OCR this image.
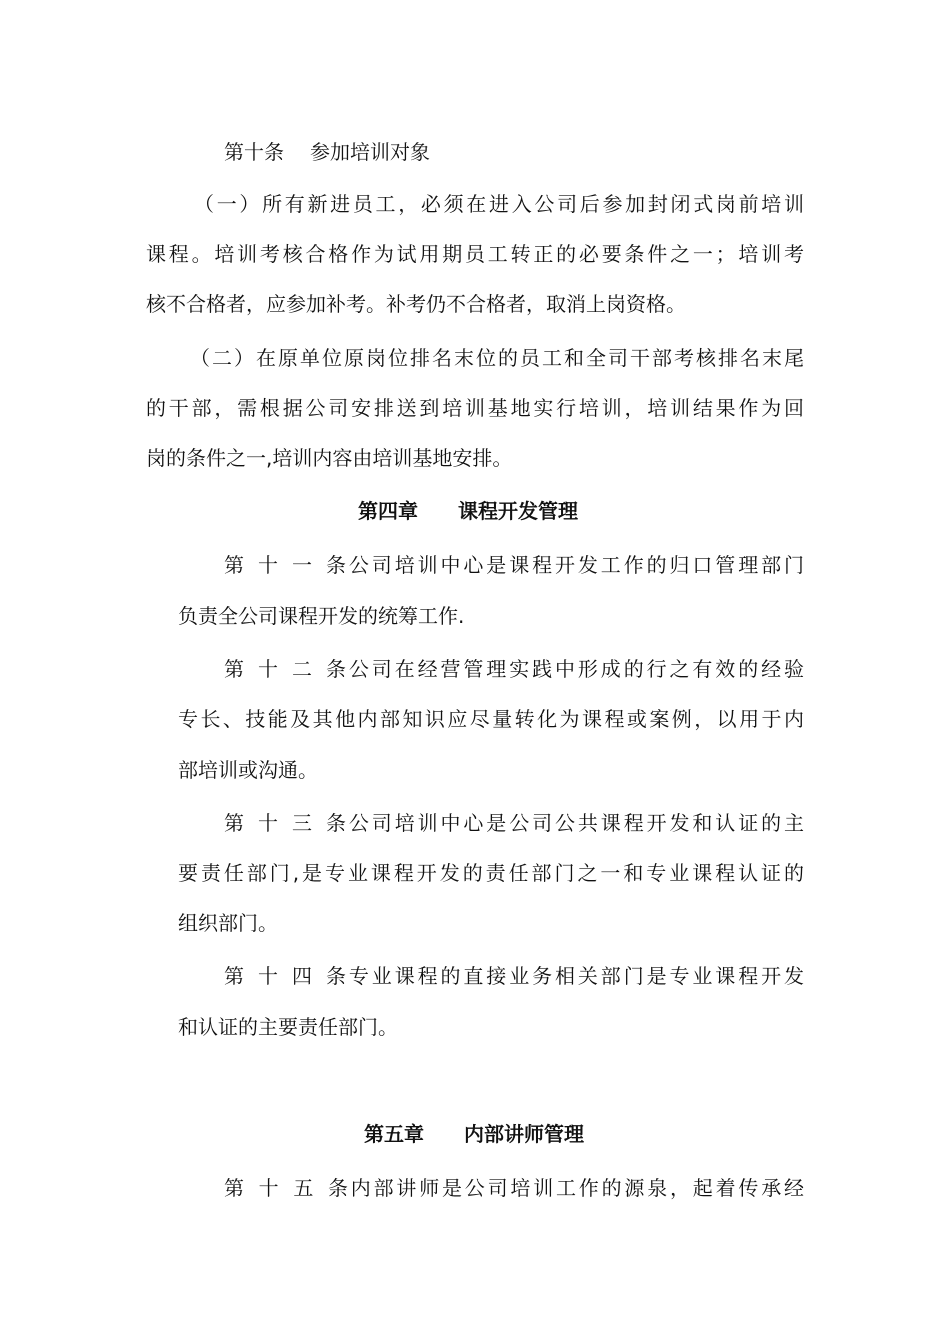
第十条 参加培训对象
（一）所有新进员工，必须在进入公司后参加封闭式岗前培训
课程。培训考核合格作为试用期员工转正的必要条件之一；培训考
核不合格者，应参加补考。补考仍不合格者，取消上岗资格。
（二）在原单位原岗位排名末位的员工和全司干部考核排名末尾
的干部，需根据公司安排送到培训基地实行培训，培训结果作为回
岗的条件之一,培训内容由培训基地安排。
第四章 课程开发管理
第十一条公司培训中心是课程开发工作的归口管理部门
负责全公司课程开发的统筹工作.
第十二条公司在经营管理实践中形成的行之有效的经验
专长、技能及其他内部知识应尽量转化为课程或案例，以用于内
部培训或沟通。
第十三条公司培训中心是公司公共课程开发和认证的主
要责任部门,是专业课程开发的责任部门之一和专业课程认证的
组织部门。
第十四条专业课程的直接业务相关部门是专业课程开发
和认证的主要责任部门。
第五章 内部讲师管理
第十五条内部讲师是公司培训工作的源泉，起着传承经
